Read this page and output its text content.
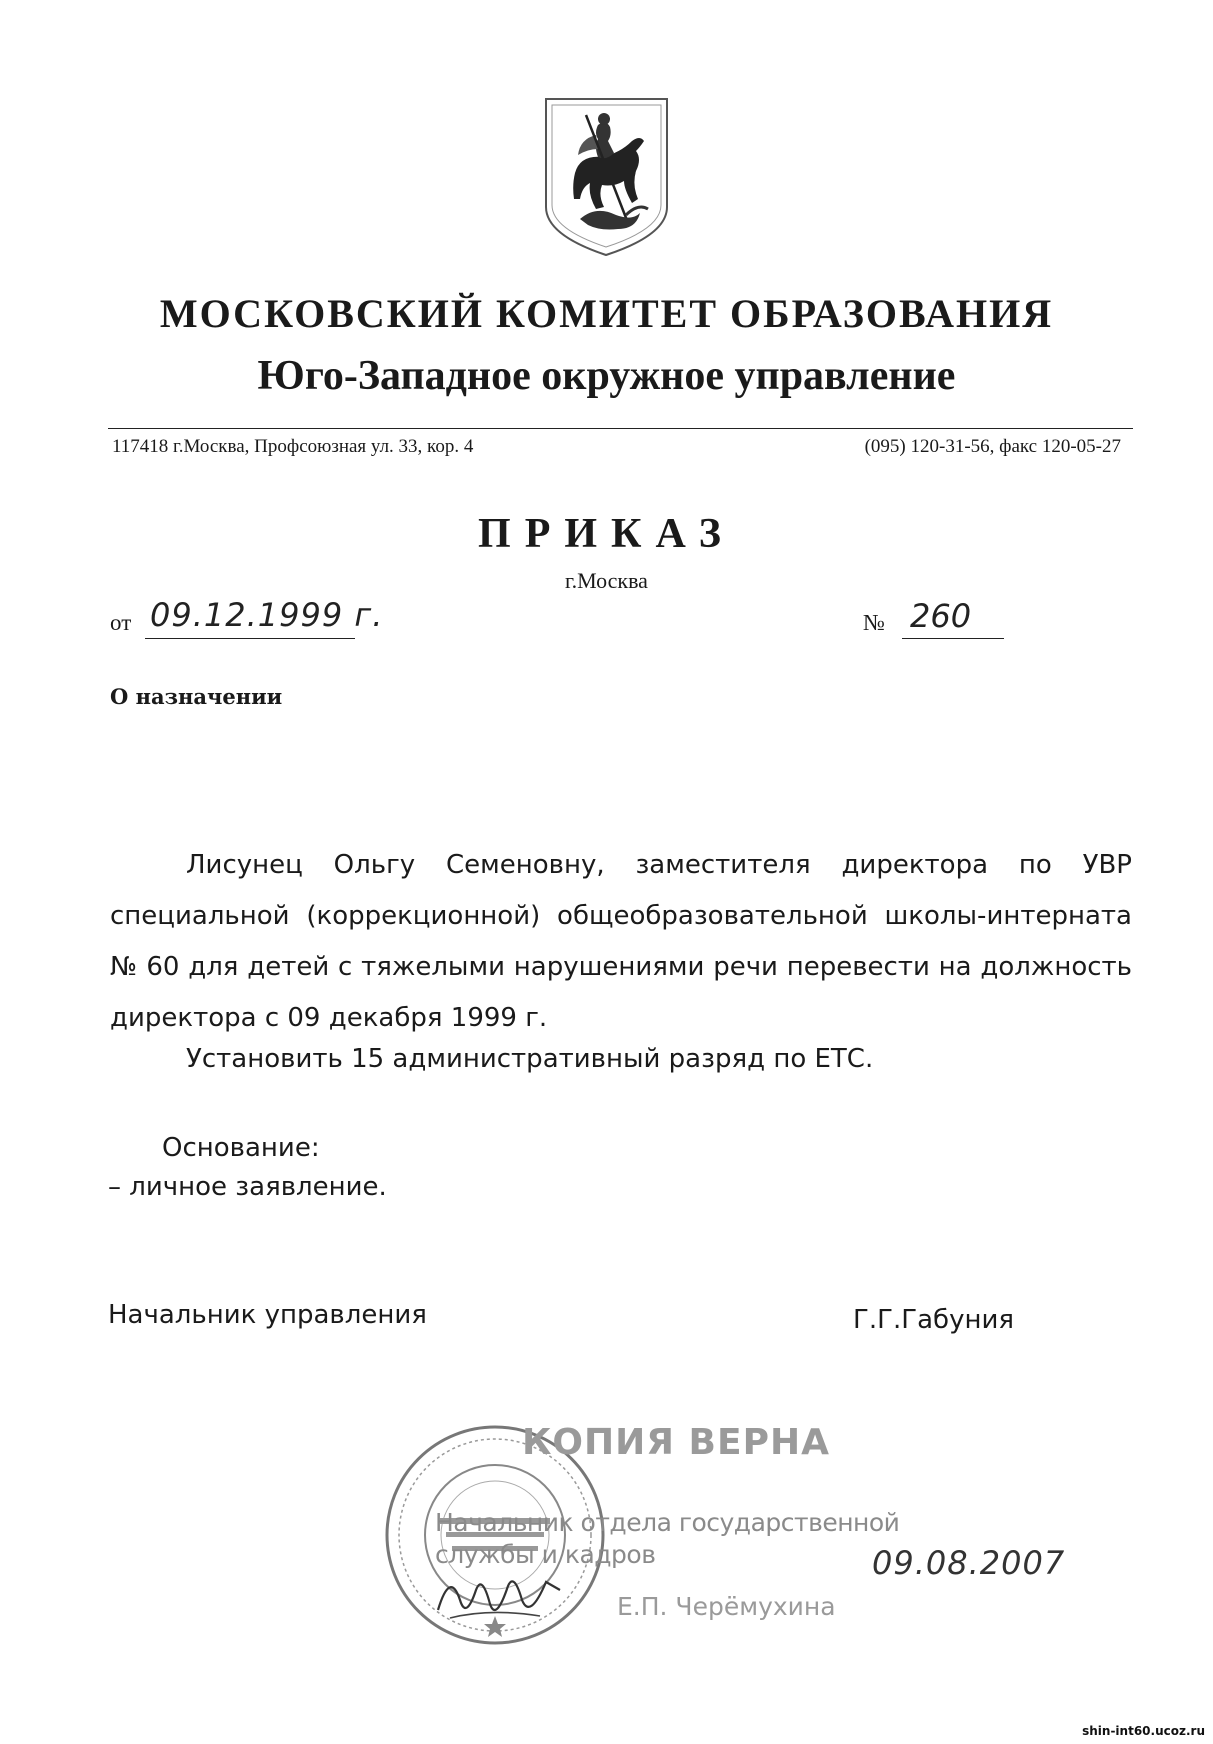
МОСКОВСКИЙ КОМИТЕТ ОБРАЗОВАНИЯ
Юго-Западное окружное управление
117418 г.Москва, Профсоюзная ул. 33, кор. 4	(095) 120-31-56, факс 120-05-27
ПРИКАЗ
г.Москва
от 09.12.1999 г.	№ 260
О назначении
Лисунец Ольгу Семеновну, заместителя директора по УВР специальной (коррекционной) общеобразовательной школы-интерната № 60 для детей с тяжелыми нарушениями речи перевести на должность директора с 09 декабря 1999 г.
Установить 15 административный разряд по ЕТС.
Основание:
– личное заявление.
Начальник управления	Г.Г.Габуния
КОПИЯ ВЕРНА
Начальник отдела государственной
службы и кадров
Е.П. Черёмухина
09.08.2007
shin-int60.ucoz.ru
